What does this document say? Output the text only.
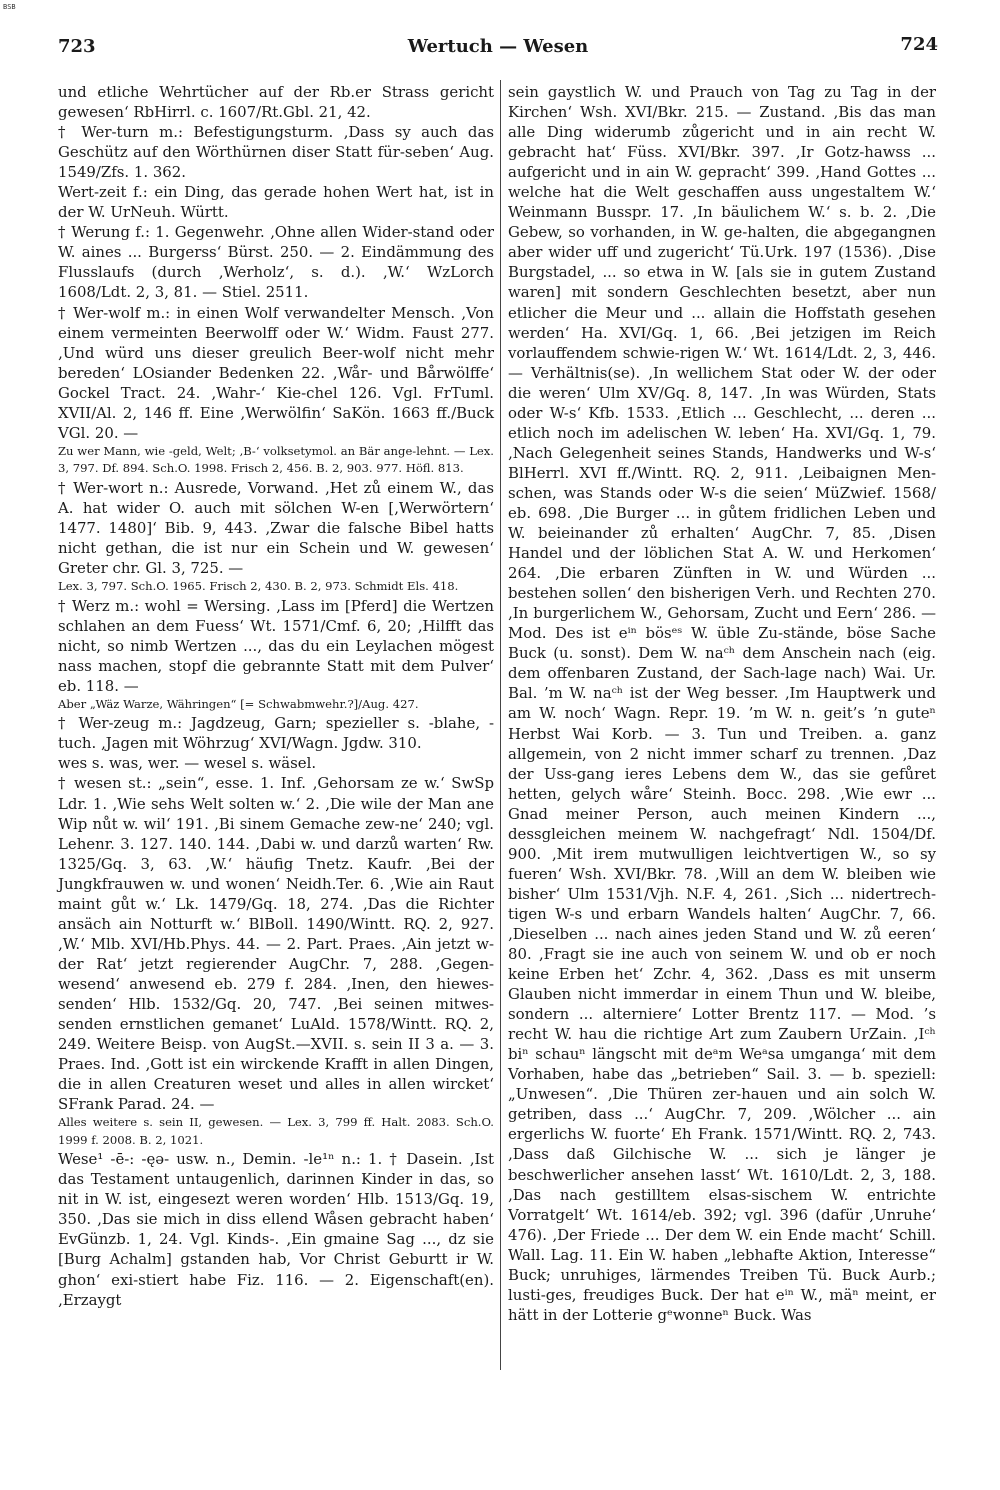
BSB
723	Wertuch — Wesen	724

und etliche Wehrtücher auf der Rb.er Strass gericht gewesen‘ RbHirrl. c. 1607/Rt.Gbl. 21, 42.

† Wer-turn m.: Befestigungsturm. ‚Dass sy auch das Geschütz auf den Wörthürnen diser Statt für-seben‘ Aug. 1549/Zfs. 1. 362.

Wert-zeit f.: ein Ding, das gerade hohen Wert hat, ist in der W. UrNeuh. Württ.

† Werung f.: 1. Gegenwehr. ‚Ohne allen Wider-stand oder W. aines ... Burgerss‘ Bürst. 250. — 2. Eindämmung des Flusslaufs (durch ‚Werholz‘, s. d.). ‚W.‘ WzLorch 1608/Ldt. 2, 3, 81. — Stiel. 2511.

† Wer-wolf m.: in einen Wolf verwandelter Mensch. ‚Von einem vermeinten Beerwolff oder W.‘ Widm. Faust 277. ‚Und würd uns dieser greulich Beer-wolf nicht mehr bereden‘ LOsiander Bedenken 22. ‚Wår- und Bårwölffe‘ Gockel Tract. 24. ‚Wahr-‘ Kie-chel 126. Vgl. FrTuml. XVII/Al. 2, 146 ff. Eine ‚Werwölfin‘ SaKön. 1663 ff./Buck VGl. 20. —

Zu wer Mann, wie -geld, Welt; ‚B-‘ volksetymol. an Bär ange-lehnt. — Lex. 3, 797. Df. 894. Sch.O. 1998. Frisch 2, 456. B. 2, 903. 977. Höfl. 813.

† Wer-wort n.: Ausrede, Vorwand. ‚Het zů einem W., das A. hat wider O. auch mit sölchen W-en [‚Werwörtern‘ 1477. 1480]‘ Bib. 9, 443. ‚Zwar die falsche Bibel hatts nicht gethan, die ist nur ein Schein und W. gewesen‘ Greter chr. Gl. 3, 725. —

Lex. 3, 797. Sch.O. 1965. Frisch 2, 430. B. 2, 973. Schmidt Els. 418.

† Werz m.: wohl = Wersing. ‚Lass im [Pferd] die Wertzen schlahen an dem Fuess‘ Wt. 1571/Cmf. 6, 20; ‚Hilfft das nicht, so nimb Wertzen ..., das du ein Leylachen mögest nass machen, stopf die gebrannte Statt mit dem Pulver‘ eb. 118. —

Aber „Wäz Warze, Währingen“ [= Schwabmwehr.?]/Aug. 427.

† Wer-zeug m.: Jagdzeug, Garn; spezieller s. -blahe, -tuch. ‚Jagen mit Wöhrzug‘ XVI/Wagn. Jgdw. 310.

wes s. was, wer. — wesel s. wäsel.

† wesen st.: „sein“, esse. 1. Inf. ‚Gehorsam ze w.‘ SwSp Ldr. 1. ‚Wie sehs Welt solten w.‘ 2. ‚Die wile der Man ane Wip nůt w. wil‘ 191. ‚Bi sinem Gemache zew-ne‘ 240; vgl. Lehenr. 3. 127. 140. 144. ‚Dabi w. und darzů warten‘ Rw. 1325/Gq. 3, 63. ‚W.‘ häufig Tnetz. Kaufr. ‚Bei der Jungkfrauwen w. und wonen‘ Neidh.Ter. 6. ‚Wie ain Raut maint gůt w.‘ Lk. 1479/Gq. 18, 274. ‚Das die Richter ansäch ain Notturft w.‘ BlBoll. 1490/Wintt. RQ. 2, 927. ‚W.‘ Mlb. XVI/Hb.Phys. 44. — 2. Part. Praes. ‚Ain jetzt w-der Rat‘ jetzt regierender AugChr. 7, 288. ‚Gegen-wesend‘ anwesend eb. 279 f. 284. ‚Inen, den hiewes-senden‘ Hlb. 1532/Gq. 20, 747. ‚Bei seinen mitwes-senden ernstlichen gemanet‘ LuAld. 1578/Wintt. RQ. 2, 249. Weitere Beisp. von AugSt.—XVII. s. sein II 3 a. — 3. Praes. Ind. ‚Gott ist ein wirckende Krafft in allen Dingen, die in allen Creaturen weset und alles in allen wircket‘ SFrank Parad. 24. —

Alles weitere s. sein II, gewesen. — Lex. 3, 799 ff. Halt. 2083. Sch.O. 1999 f. 2008. B. 2, 1021.

Wese¹ -ē-: -ęə- usw. n., Demin. -le¹ⁿ n.: 1. † Dasein. ‚Ist das Testament untaugenlich, darinnen Kinder in das, so nit in W. ist, eingesezt weren worden‘ Hlb. 1513/Gq. 19, 350. ‚Das sie mich in diss ellend Wåsen gebracht haben‘ EvGünzb. 1, 24. Vgl. Kinds-. ‚Ein gmaine Sag ..., dz sie [Burg Achalm] gstanden hab, Vor Christ Geburtt ir W. ghon‘ exi-stiert habe Fiz. 116. — 2. Eigenschaft(en). ‚Erzaygt

sein gaystlich W. und Prauch von Tag zu Tag in der Kirchen‘ Wsh. XVI/Bkr. 215. — Zustand. ‚Bis das man alle Ding widerumb zůgericht und in ain recht W. gebracht hat‘ Füss. XVI/Bkr. 397. ‚Ir Gotz-hawss ... aufgericht und in ain W. gepracht‘ 399. ‚Hand Gottes ... welche hat die Welt geschaffen auss ungestaltem W.‘ Weinmann Busspr. 17. ‚In bäulichem W.‘ s. b. 2. ‚Die Gebew, so vorhanden, in W. ge-halten, die abgegangnen aber wider uff und zugericht‘ Tü.Urk. 197 (1536). ‚Dise Burgstadel, ... so etwa in W. [als sie in gutem Zustand waren] mit sondern Geschlechten besetzt, aber nun etlicher die Meur und ... allain die Hoffstath gesehen werden‘ Ha. XVI/Gq. 1, 66. ‚Bei jetzigen im Reich vorlauffendem schwie-rigen W.‘ Wt. 1614/Ldt. 2, 3, 446. — Verhältnis(se). ‚In wellichem Stat oder W. der oder die weren‘ Ulm XV/Gq. 8, 147. ‚In was Würden, Stats oder W-s‘ Kfb. 1533. ‚Etlich ... Geschlecht, ... deren ... etlich noch im adelischen W. leben‘ Ha. XVI/Gq. 1, 79. ‚Nach Gelegenheit seines Stands, Handwerks und W-s‘ BlHerrl. XVI ff./Wintt. RQ. 2, 911. ‚Leibaignen Men-schen, was Stands oder W-s die seien‘ MüZwief. 1568/ eb. 698. ‚Die Burger ... in gůtem fridlichen Leben und W. beieinander zů erhalten‘ AugChr. 7, 85. ‚Disen Handel und der löblichen Stat A. W. und Herkomen‘ 264. ‚Die erbaren Zünften in W. und Würden ... bestehen sollen‘ den bisherigen Verh. und Rechten 270. ‚In burgerlichem W., Gehorsam, Zucht und Eern‘ 286. — Mod. Des ist eⁱⁿ bösᵉˢ W. üble Zu-stände, böse Sache Buck (u. sonst). Dem W. naᶜʰ dem Anschein nach (eig. dem offenbaren Zustand, der Sach-lage nach) Wai. Ur. Bal. ’m W. naᶜʰ ist der Weg besser. ‚Im Hauptwerk und am W. noch‘ Wagn. Repr. 19. ’m W. n. geit’s ’n guteⁿ Herbst Wai Korb. — 3. Tun und Treiben. a. ganz allgemein, von 2 nicht immer scharf zu trennen. ‚Daz der Uss-gang ieres Lebens dem W., das sie gefůret hetten, gelych wåre‘ Steinh. Bocc. 298. ‚Wie ewr ... Gnad meiner Person, auch meinen Kindern ..., dessgleichen meinem W. nachgefragt‘ Ndl. 1504/Df. 900. ‚Mit irem mutwulligen leichtvertigen W., so sy fueren‘ Wsh. XVI/Bkr. 78. ‚Will an dem W. bleiben wie bisher‘ Ulm 1531/Vjh. N.F. 4, 261. ‚Sich ... nidertrech-tigen W-s und erbarn Wandels halten‘ AugChr. 7, 66. ‚Dieselben ... nach aines jeden Stand und W. zů eeren‘ 80. ‚Fragt sie ine auch von seinem W. und ob er noch keine Erben het‘ Zchr. 4, 362. ‚Dass es mit unserm Glauben nicht immerdar in einem Thun und W. bleibe, sondern ... alterniere‘ Lotter Brentz 117. — Mod. ’s recht W. hau die richtige Art zum Zaubern UrZain. ‚Iᶜʰ biⁿ schauⁿ längscht mit deᵃm Weᵃsa umganga‘ mit dem Vorhaben, habe das „betrieben“ Sail. 3. — b. speziell: „Unwesen“. ‚Die Thüren zer-hauen und ain solch W. getriben, dass ...‘ AugChr. 7, 209. ‚Wölcher ... ain ergerlichs W. fuorte‘ Eh Frank. 1571/Wintt. RQ. 2, 743. ‚Dass daß Gilchische W. ... sich je länger je beschwerlicher ansehen lasst‘ Wt. 1610/Ldt. 2, 3, 188. ‚Das nach gestilltem elsas-sischem W. entrichte Vorratgelt‘ Wt. 1614/eb. 392; vgl. 396 (dafür ‚Unruhe‘ 476). ‚Der Friede ... Der dem W. ein Ende macht‘ Schill. Wall. Lag. 11. Ein W. haben „lebhafte Aktion, Interesse“ Buck; unruhiges, lärmendes Treiben Tü. Buck Aurb.; lusti-ges, freudiges Buck. Der hat eⁱⁿ W., mäⁿ meint, er hätt in der Lotterie gᵉwonneⁿ Buck. Was
